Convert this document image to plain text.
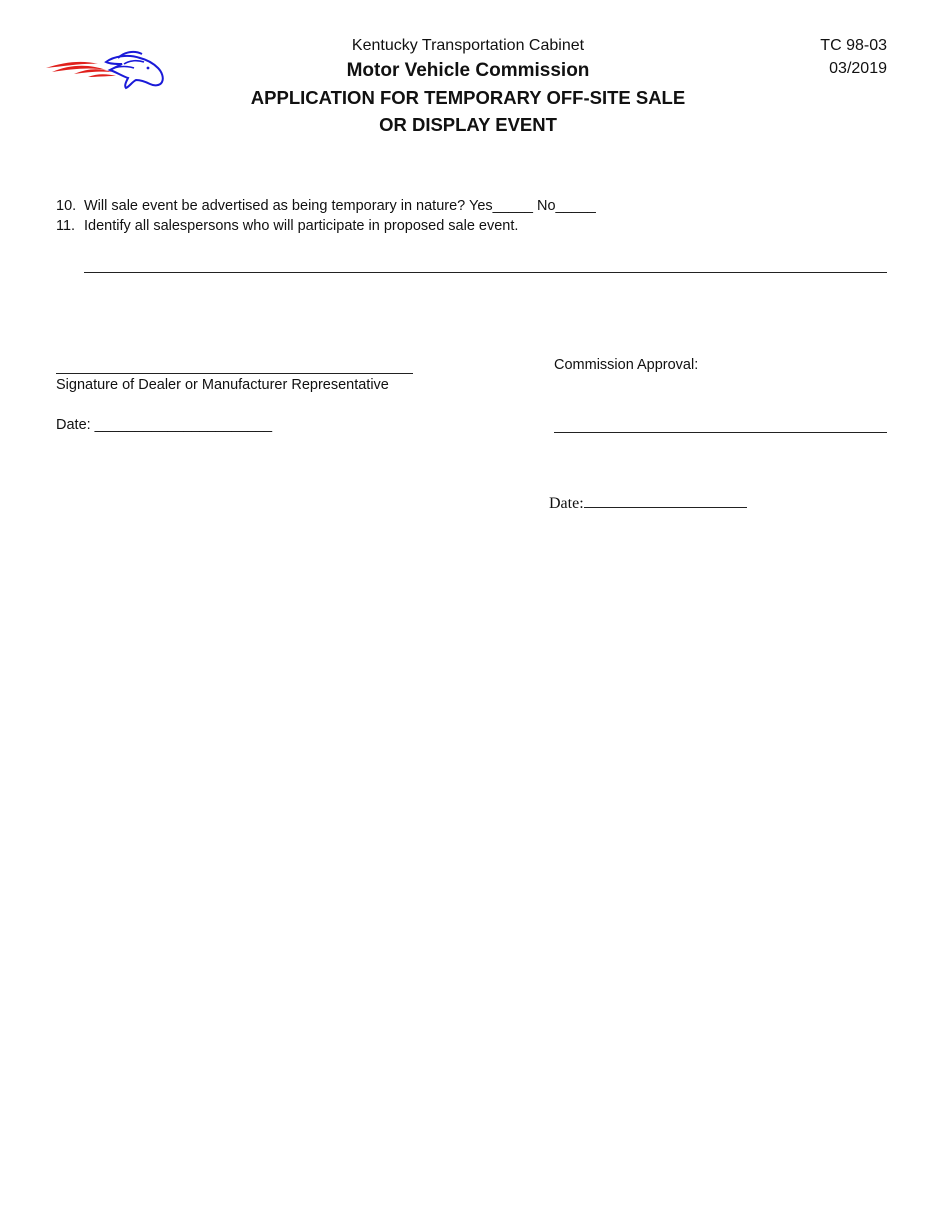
Kentucky Transportation Cabinet
Motor Vehicle Commission
APPLICATION FOR TEMPORARY OFF-SITE SALE
OR DISPLAY EVENT
TC 98-03
03/2019
10. Will sale event be advertised as being temporary in nature? Yes_____ No_____
11. Identify all salespersons who will participate in proposed sale event.
Signature of Dealer or Manufacturer Representative
Date: ______________________
Commission Approval:
Date:
